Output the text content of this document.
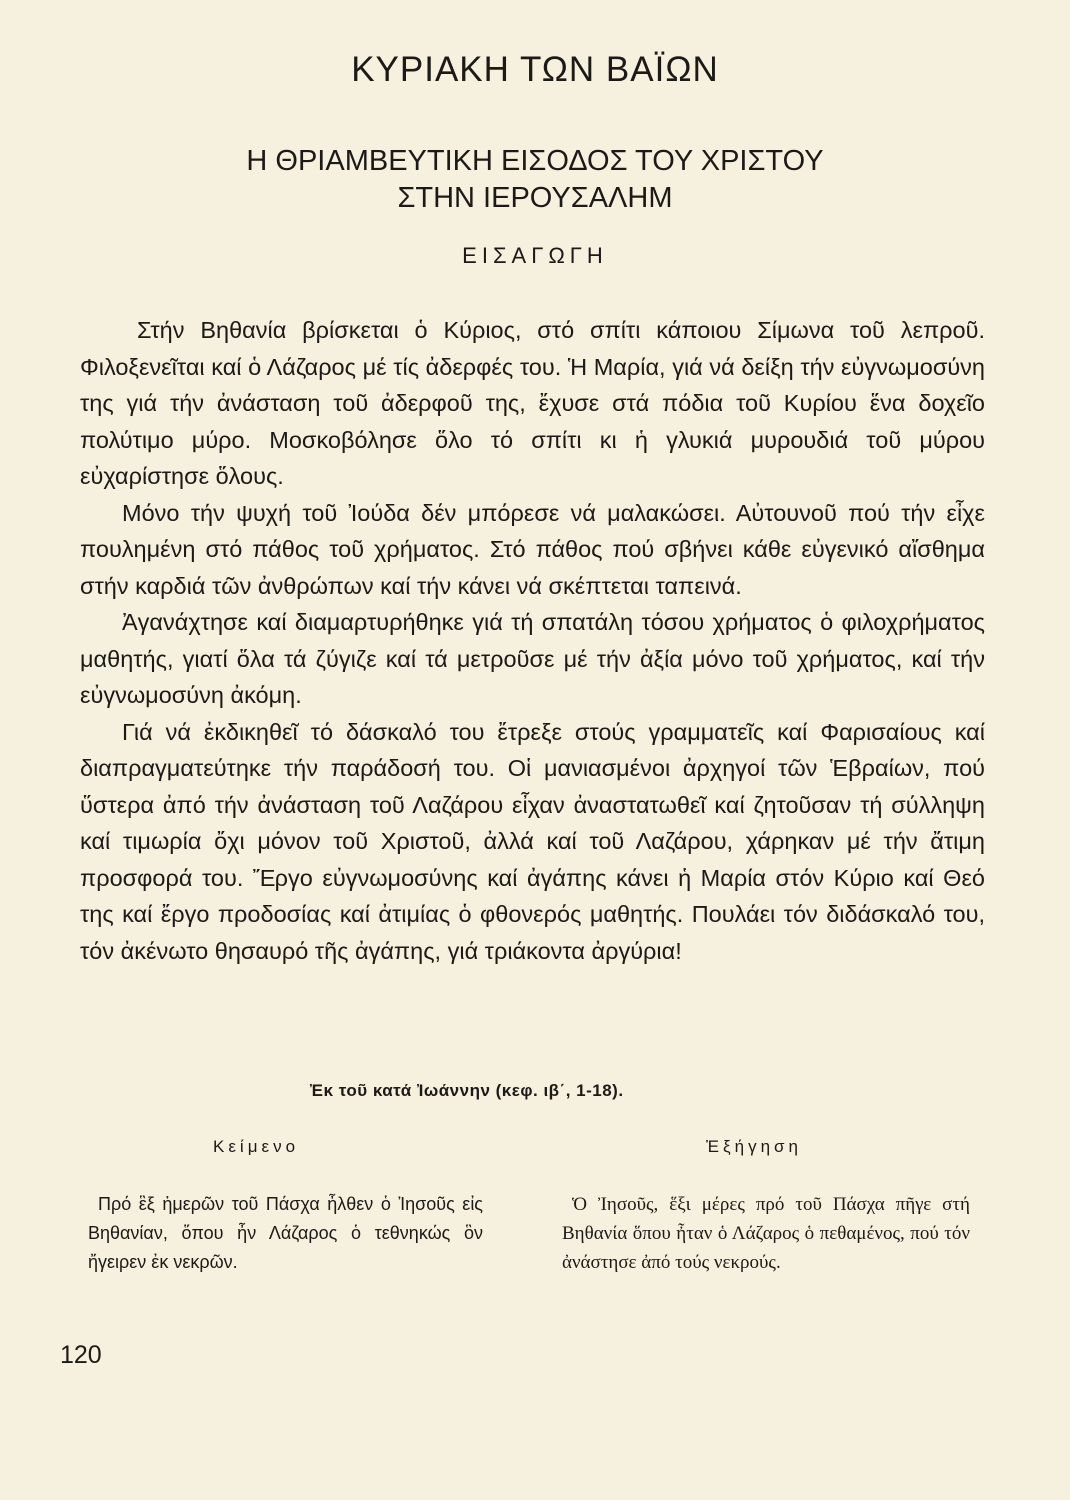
ΚΥΡΙΑΚΗ ΤΩΝ ΒΑΪΩΝ
Η ΘΡΙΑΜΒΕΥΤΙΚΗ ΕΙΣΟΔΟΣ ΤΟΥ ΧΡΙΣΤΟΥ
ΣΤΗΝ ΙΕΡΟΥΣΑΛΗΜ
ΕΙΣΑΓΩΓΗ

Στήν Βηθανία βρίσκεται ὁ Κύριος, στό σπίτι κάποιου Σίμωνα τοῦ λεπροῦ. Φιλοξενεῖται καί ὁ Λάζαρος μέ τίς ἀδερφές του. Ἡ Μαρία, γιά νά δείξη τήν εὐγνωμοσύνη της γιά τήν ἀνάσταση τοῦ ἀδερφοῦ της, ἔχυσε στά πόδια τοῦ Κυρίου ἕνα δοχεῖο πολύτιμο μύρο. Μοσκοβόλησε ὅλο τό σπίτι κι ἡ γλυκιά μυρουδιά τοῦ μύρου εὐχαρίστησε ὅλους.

Μόνο τήν ψυχή τοῦ Ἰούδα δέν μπόρεσε νά μαλακώσει. Αὐτουνοῦ πού τήν εἶχε πουλημένη στό πάθος τοῦ χρήματος. Στό πάθος πού σβήνει κάθε εὐγενικό αἴσθημα στήν καρδιά τῶν ἀνθρώπων καί τήν κάνει νά σκέπτεται ταπεινά.

Ἀγανάχτησε καί διαμαρτυρήθηκε γιά τή σπατάλη τόσου χρήματος ὁ φιλοχρήματος μαθητής, γιατί ὅλα τά ζύγιζε καί τά μετροῦσε μέ τήν ἀξία μόνο τοῦ χρήματος, καί τήν εὐγνωμοσύνη ἀκόμη.

Γιά νά ἐκδικηθεῖ τό δάσκαλό του ἔτρεξε στούς γραμματεῖς καί Φαρισαίους καί διαπραγματεύτηκε τήν παράδοσή του. Οἱ μανιασμένοι ἀρχηγοί τῶν Ἑβραίων, πού ὕστερα ἀπό τήν ἀνάσταση τοῦ Λαζάρου εἶχαν ἀναστατωθεῖ καί ζητοῦσαν τή σύλληψη καί τιμωρία ὄχι μόνον τοῦ Χριστοῦ, ἀλλά καί τοῦ Λαζάρου, χάρηκαν μέ τήν ἄτιμη προσφορά του. Ἔργο εὐγνωμοσύνης καί ἀγάπης κάνει ἡ Μαρία στόν Κύριο καί Θεό της καί ἔργο προδοσίας καί ἀτιμίας ὁ φθονερός μαθητής. Πουλάει τόν διδάσκαλό του, τόν ἀκένωτο θησαυρό τῆς ἀγάπης, γιά τριάκοντα ἀργύρια!

Ἐκ τοῦ κατά Ἰωάννην (κεφ. ιβ΄, 1-18).
Κείμενο	Ἐξήγηση

Πρό ἓξ ἡμερῶν τοῦ Πάσχα ἦλθεν ὁ Ἰησοῦς εἰς Βηθανίαν, ὅπου ἦν Λάζαρος ὁ τεθνηκώς ὃν ἤγειρεν ἐκ νεκρῶν.

Ὁ Ἰησοῦς, ἕξι μέρες πρό τοῦ Πάσχα πῆγε στή Βηθανία ὅπου ἦταν ὁ Λάζαρος ὁ πεθαμένος, πού τόν ἀνάστησε ἀπό τούς νεκρούς.

120
